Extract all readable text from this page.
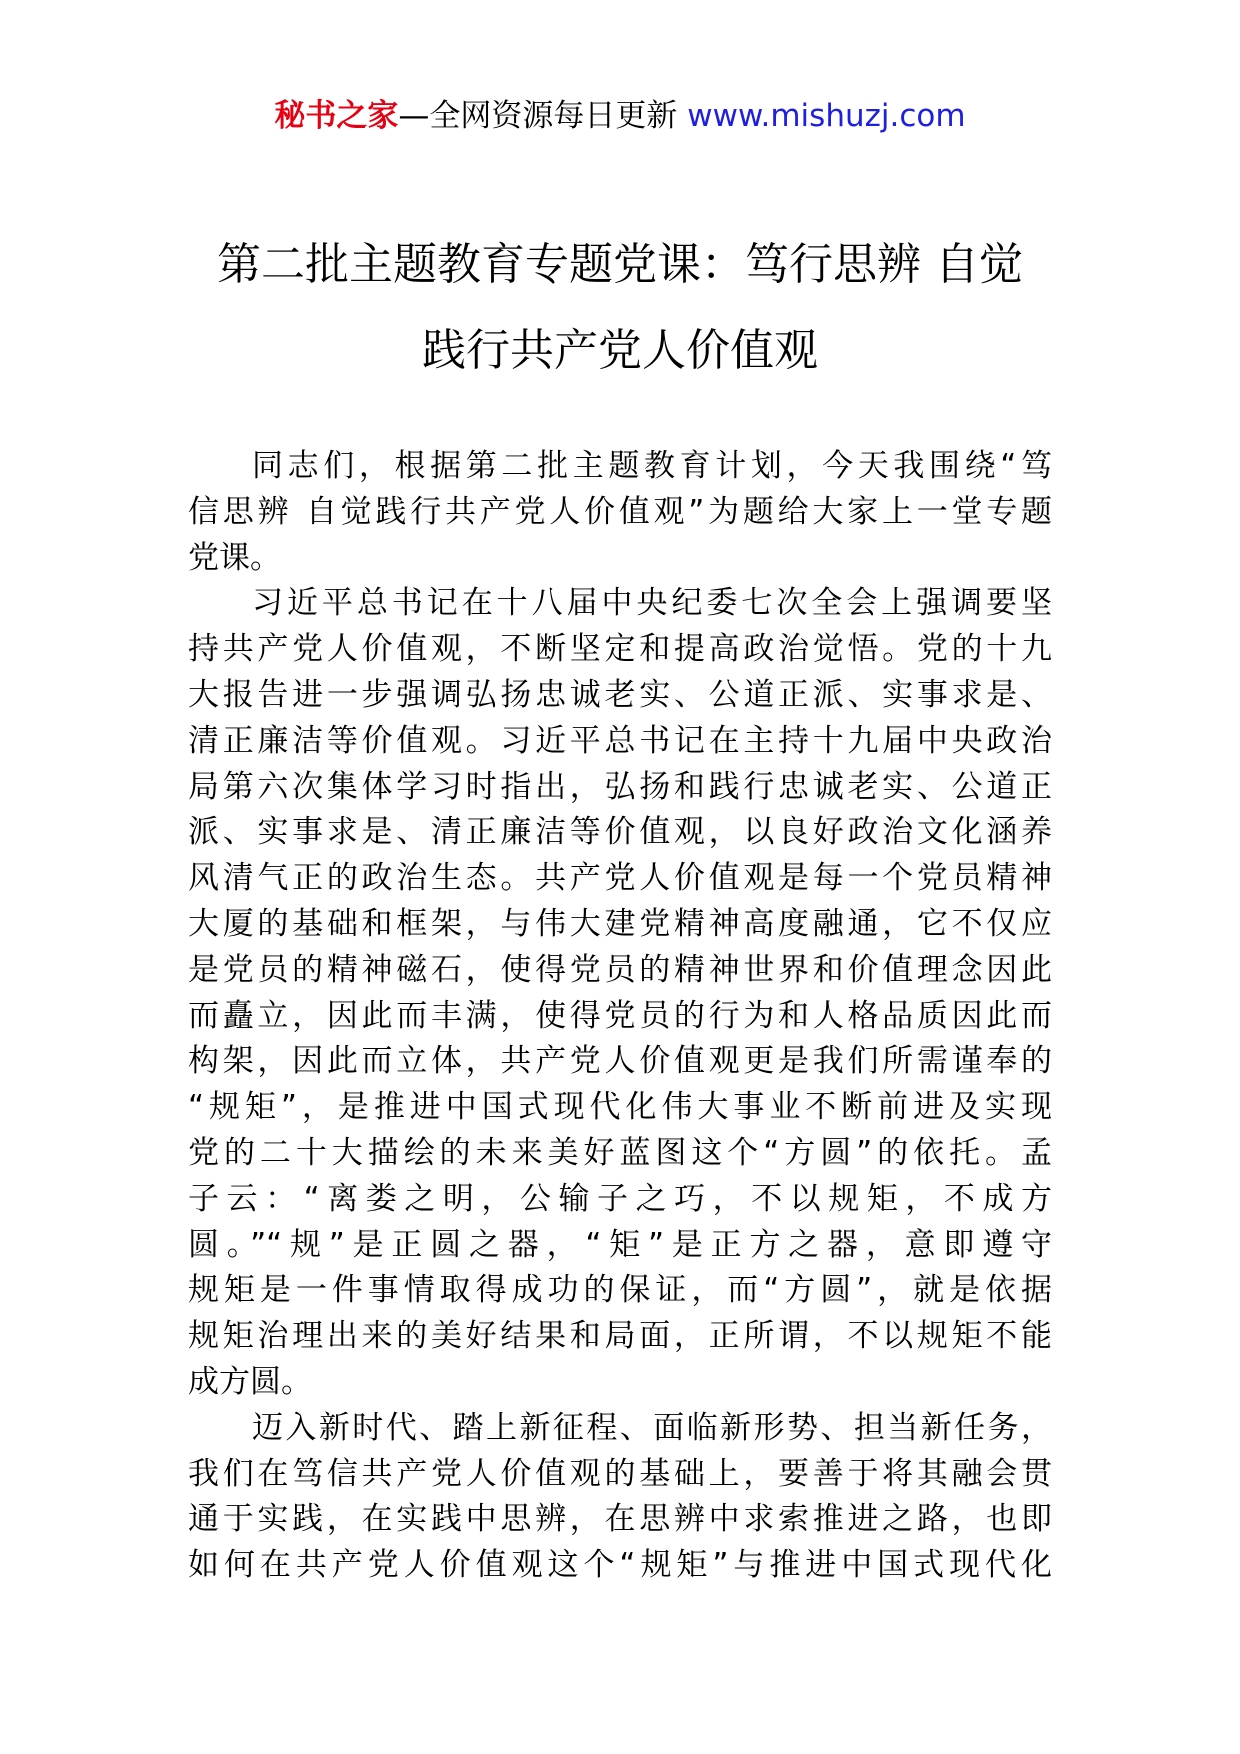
秘书之家—全网资源每日更新 www.mishuzj.com
第二批主题教育专题党课：笃行思辨 自觉
践行共产党人价值观
同志们，根据第二批主题教育计划，今天我围绕“笃
信思辨 自觉践行共产党人价值观”为题给大家上一堂专题
党课。
习近平总书记在十八届中央纪委七次全会上强调要坚
持共产党人价值观，不断坚定和提高政治觉悟。党的十九
大报告进一步强调弘扬忠诚老实、公道正派、实事求是、
清正廉洁等价值观。习近平总书记在主持十九届中央政治
局第六次集体学习时指出，弘扬和践行忠诚老实、公道正
派、实事求是、清正廉洁等价值观，以良好政治文化涵养
风清气正的政治生态。共产党人价值观是每一个党员精神
大厦的基础和框架，与伟大建党精神高度融通，它不仅应
是党员的精神磁石，使得党员的精神世界和价值理念因此
而矗立，因此而丰满，使得党员的行为和人格品质因此而
构架，因此而立体，共产党人价值观更是我们所需谨奉的
“规矩”，是推进中国式现代化伟大事业不断前进及实现
党的二十大描绘的未来美好蓝图这个“方圆”的依托。孟
子云：“离娄之明，公输子之巧，不以规矩，不成方
圆。”“规”是正圆之器，“矩”是正方之器，意即遵守
规矩是一件事情取得成功的保证，而“方圆”，就是依据
规矩治理出来的美好结果和局面，正所谓，不以规矩不能
成方圆。
迈入新时代、踏上新征程、面临新形势、担当新任务，
我们在笃信共产党人价值观的基础上，要善于将其融会贯
通于实践，在实践中思辨，在思辨中求索推进之路，也即
如何在共产党人价值观这个“规矩”与推进中国式现代化
